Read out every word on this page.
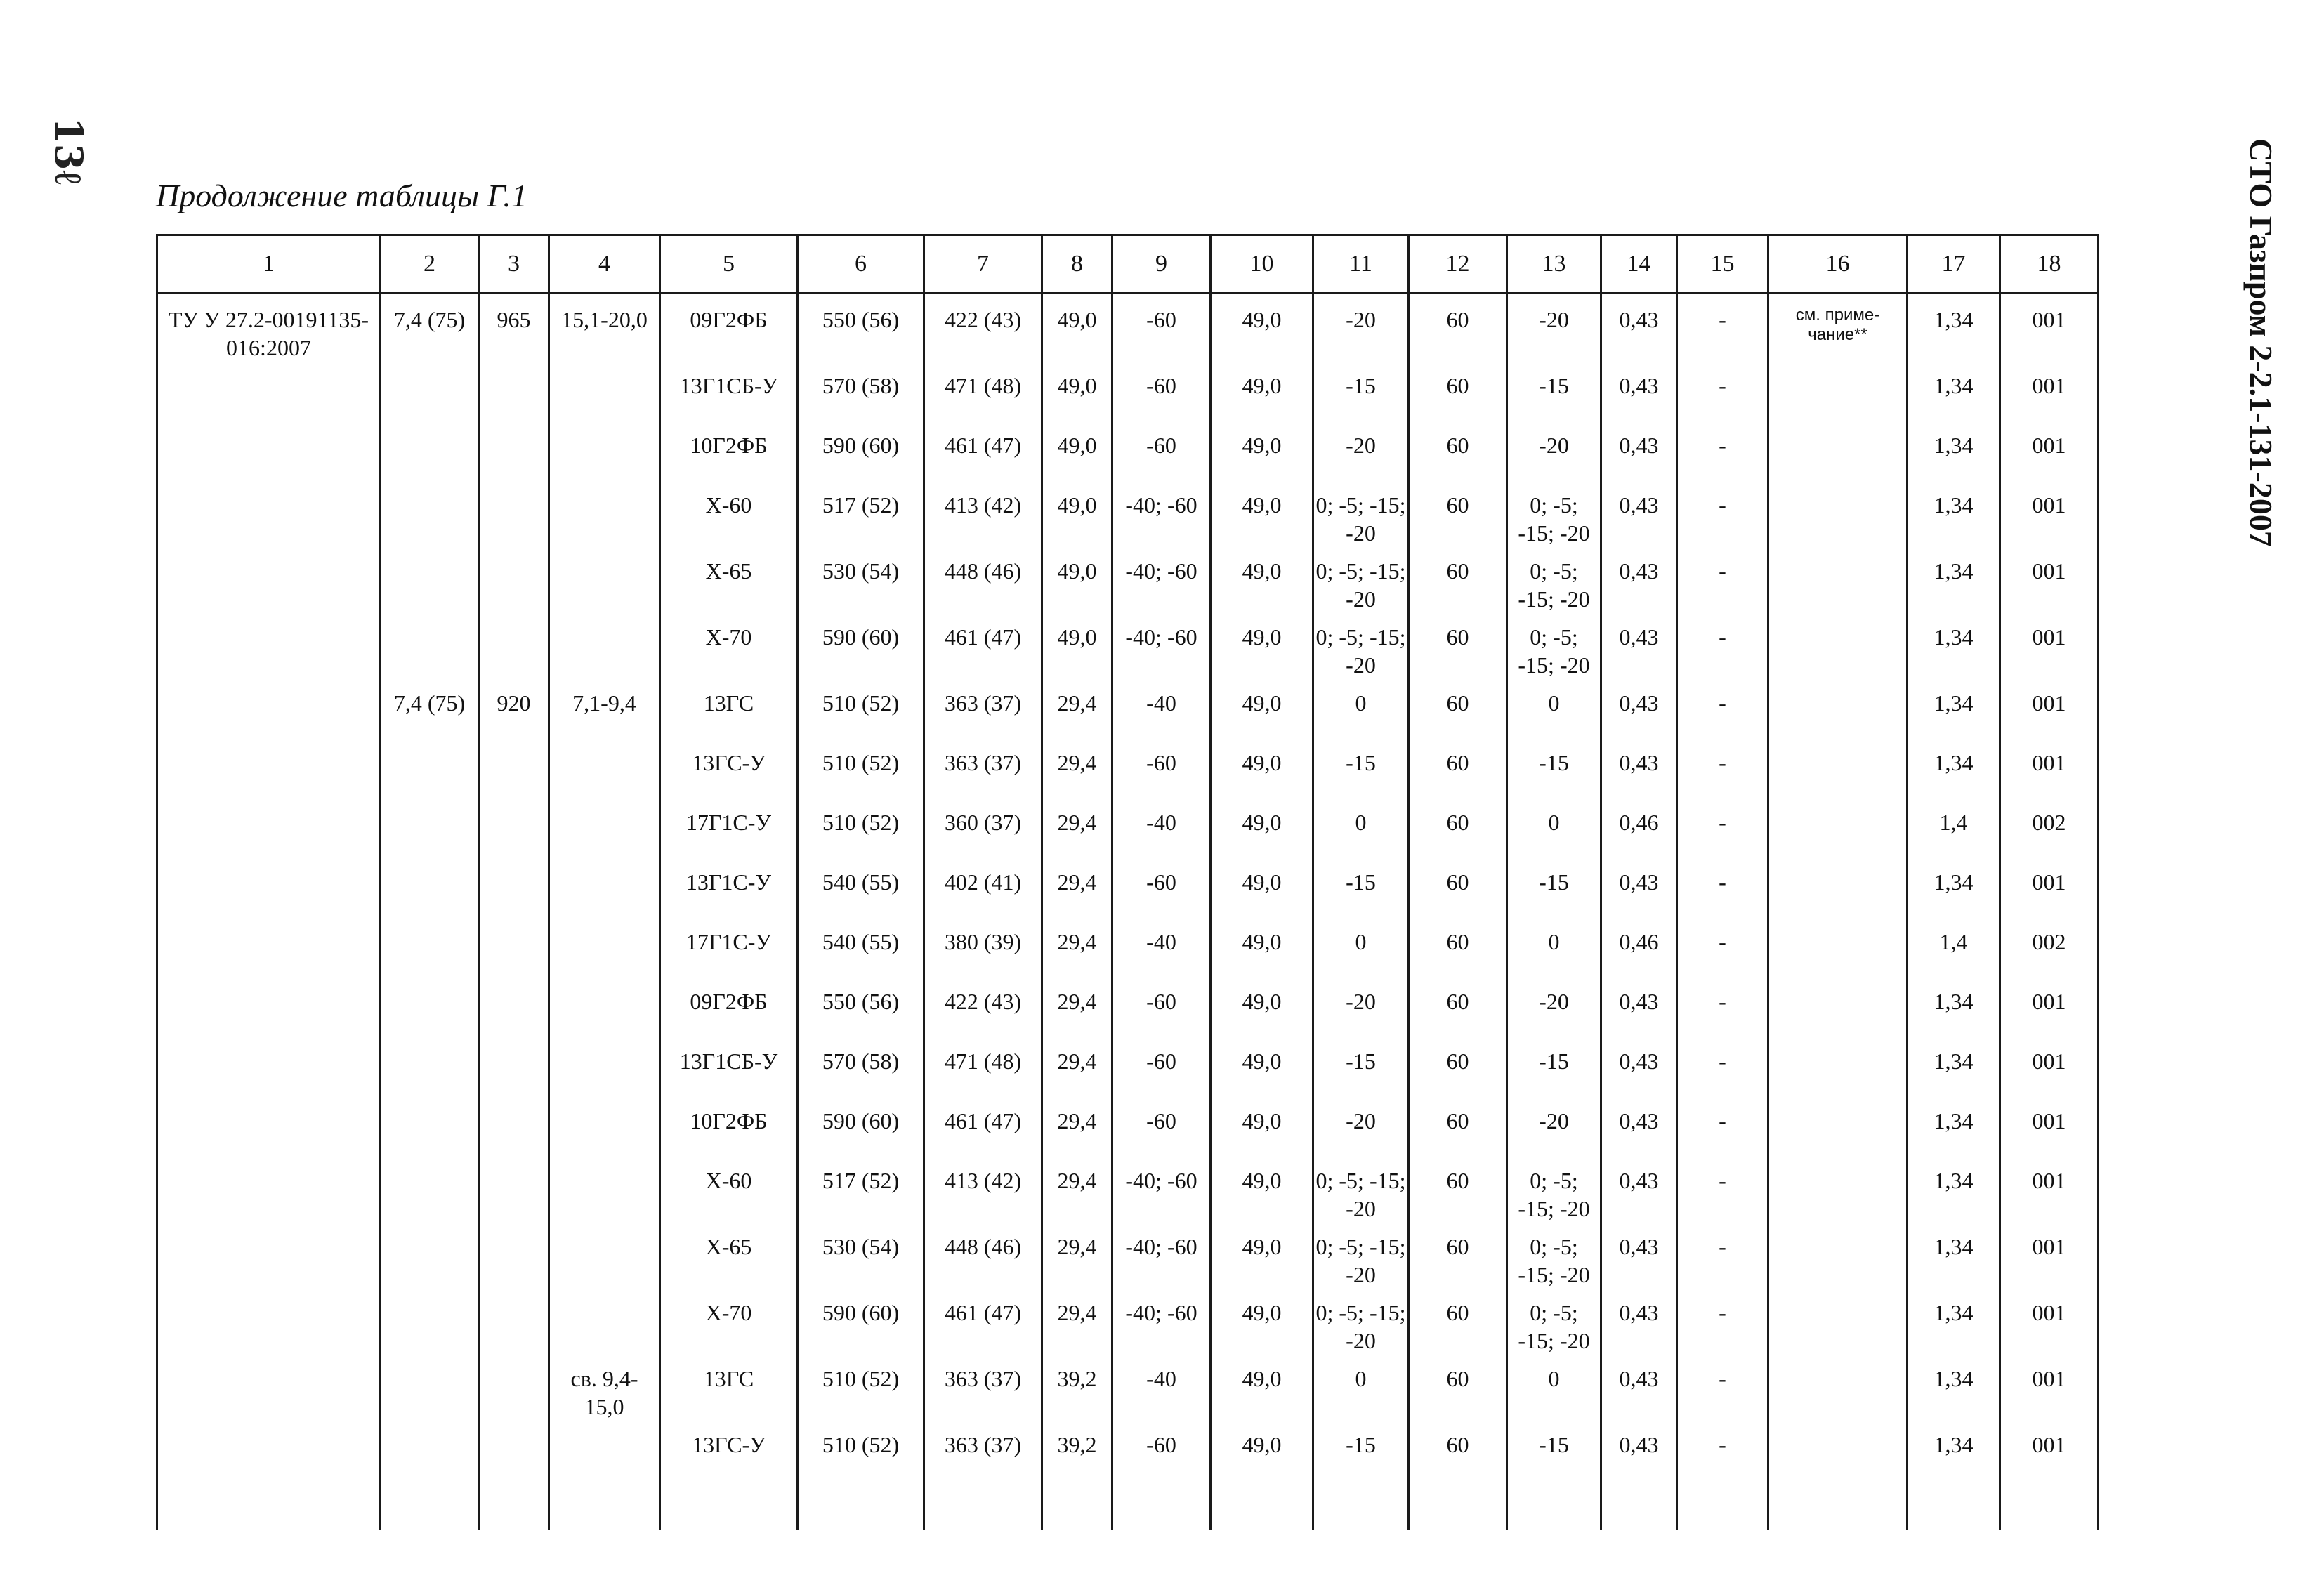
13ℓ	СТО Газпром 2-2.1-131-2007
Продолжение таблицы Г.1
1	2	3	4	5	6	7	8	9	10	11	12	13	14	15	16	17	18
ТУ У 27.2-00191135-016:2007	7,4 (75)	965	15,1-20,0	09Г2ФБ	550 (56)	422 (43)	49,0	-60	49,0	-20	60	-20	0,43	-	см. приме-чание**	1,34	001
				13Г1СБ-У	570 (58)	471 (48)	49,0	-60	49,0	-15	60	-15	0,43	-		1,34	001
				10Г2ФБ	590 (60)	461 (47)	49,0	-60	49,0	-20	60	-20	0,43	-		1,34	001
				Х-60	517 (52)	413 (42)	49,0	-40; -60	49,0	0; -5; -15; -20	60	0; -5; -15; -20	0,43	-		1,34	001
				Х-65	530 (54)	448 (46)	49,0	-40; -60	49,0	0; -5; -15; -20	60	0; -5; -15; -20	0,43	-		1,34	001
				Х-70	590 (60)	461 (47)	49,0	-40; -60	49,0	0; -5; -15; -20	60	0; -5; -15; -20	0,43	-		1,34	001
	7,4 (75)	920	7,1-9,4	13ГС	510 (52)	363 (37)	29,4	-40	49,0	0	60	0	0,43	-		1,34	001
				13ГС-У	510 (52)	363 (37)	29,4	-60	49,0	-15	60	-15	0,43	-		1,34	001
				17Г1С-У	510 (52)	360 (37)	29,4	-40	49,0	0	60	0	0,46	-		1,4	002
				13Г1С-У	540 (55)	402 (41)	29,4	-60	49,0	-15	60	-15	0,43	-		1,34	001
				17Г1С-У	540 (55)	380 (39)	29,4	-40	49,0	0	60	0	0,46	-		1,4	002
				09Г2ФБ	550 (56)	422 (43)	29,4	-60	49,0	-20	60	-20	0,43	-		1,34	001
				13Г1СБ-У	570 (58)	471 (48)	29,4	-60	49,0	-15	60	-15	0,43	-		1,34	001
				10Г2ФБ	590 (60)	461 (47)	29,4	-60	49,0	-20	60	-20	0,43	-		1,34	001
				Х-60	517 (52)	413 (42)	29,4	-40; -60	49,0	0; -5; -15; -20	60	0; -5; -15; -20	0,43	-		1,34	001
				Х-65	530 (54)	448 (46)	29,4	-40; -60	49,0	0; -5; -15; -20	60	0; -5; -15; -20	0,43	-		1,34	001
				Х-70	590 (60)	461 (47)	29,4	-40; -60	49,0	0; -5; -15; -20	60	0; -5; -15; -20	0,43	-		1,34	001
			св. 9,4-15,0	13ГС	510 (52)	363 (37)	39,2	-40	49,0	0	60	0	0,43	-		1,34	001
				13ГС-У	510 (52)	363 (37)	39,2	-60	49,0	-15	60	-15	0,43	-		1,34	001
